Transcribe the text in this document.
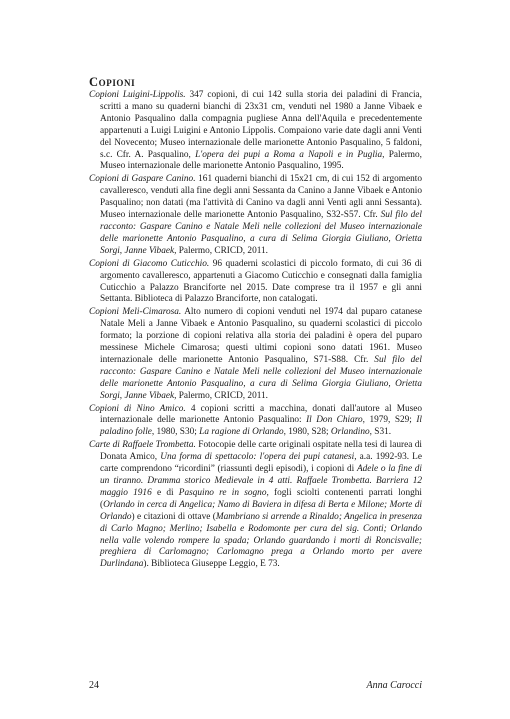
Copioni

Copioni Luigini-Lippolis. 347 copioni, di cui 142 sulla storia dei paladini di Francia, scritti a mano su quaderni bianchi di 23x31 cm, venduti nel 1980 a Janne Vibaek e Antonio Pasqualino dalla compagnia pugliese Anna dell'Aquila e precedentemente appartenuti a Luigi Luigini e Antonio Lippolis. Compaiono varie date dagli anni Venti del Novecento; Museo internazionale delle marionette Antonio Pasqualino, 5 faldoni, s.c. Cfr. A. Pasqualino, L'opera dei pupi a Roma a Napoli e in Puglia, Palermo, Museo internazionale delle marionette Antonio Pasqualino, 1995.

Copioni di Gaspare Canino. 161 quaderni bianchi di 15x21 cm, di cui 152 di argomento cavalleresco, venduti alla fine degli anni Sessanta da Canino a Janne Vibaek e Antonio Pasqualino; non datati (ma l'attività di Canino va dagli anni Venti agli anni Sessanta). Museo internazionale delle marionette Antonio Pasqualino, S32-S57. Cfr. Sul filo del racconto: Gaspare Canino e Natale Meli nelle collezioni del Museo internazionale delle marionette Antonio Pasqualino, a cura di Selima Giorgia Giuliano, Orietta Sorgi, Janne Vibaek, Palermo, CRICD, 2011.

Copioni di Giacomo Cuticchio. 96 quaderni scolastici di piccolo formato, di cui 36 di argomento cavalleresco, appartenuti a Giacomo Cuticchio e consegnati dalla famiglia Cuticchio a Palazzo Branciforte nel 2015. Date comprese tra il 1957 e gli anni Settanta. Biblioteca di Palazzo Branciforte, non catalogati.

Copioni Meli-Cimarosa. Alto numero di copioni venduti nel 1974 dal puparo catanese Natale Meli a Janne Vibaek e Antonio Pasqualino, su quaderni scolastici di piccolo formato; la porzione di copioni relativa alla storia dei paladini è opera del puparo messinese Michele Cimarosa; questi ultimi copioni sono datati 1961. Museo internazionale delle marionette Antonio Pasqualino, S71-S88. Cfr. Sul filo del racconto: Gaspare Canino e Natale Meli nelle collezioni del Museo internazionale delle marionette Antonio Pasqualino, a cura di Selima Giorgia Giuliano, Orietta Sorgi, Janne Vibaek, Palermo, CRICD, 2011.

Copioni di Nino Amico. 4 copioni scritti a macchina, donati dall'autore al Museo internazionale delle marionette Antonio Pasqualino: Il Don Chiaro, 1979, S29; Il paladino folle, 1980, S30; La ragione di Orlando, 1980, S28; Orlandino, S31.

Carte di Raffaele Trombetta. Fotocopie delle carte originali ospitate nella tesi di laurea di Donata Amico, Una forma di spettacolo: l'opera dei pupi catanesi, a.a. 1992-93. Le carte comprendono “ricordini” (riassunti degli episodi), i copioni di Adele o la fine di un tiranno. Dramma storico Medievale in 4 atti. Raffaele Trombetta. Barriera 12 maggio 1916 e di Pasquino re in sogno, fogli sciolti contenenti parrati longhi (Orlando in cerca di Angelica; Namo di Baviera in difesa di Berta e Milone; Morte di Orlando) e citazioni di ottave (Mambriano si arrende a Rinaldo; Angelica in presenza di Carlo Magno; Merlino; Isabella e Rodomonte per cura del sig. Conti; Orlando nella valle volendo rompere la spada; Orlando guardando i morti di Roncisvalle; preghiera di Carlomagno; Carlomagno prega a Orlando morto per avere Durlindana). Biblioteca Giuseppe Leggio, E 73.

24	Anna Carocci
